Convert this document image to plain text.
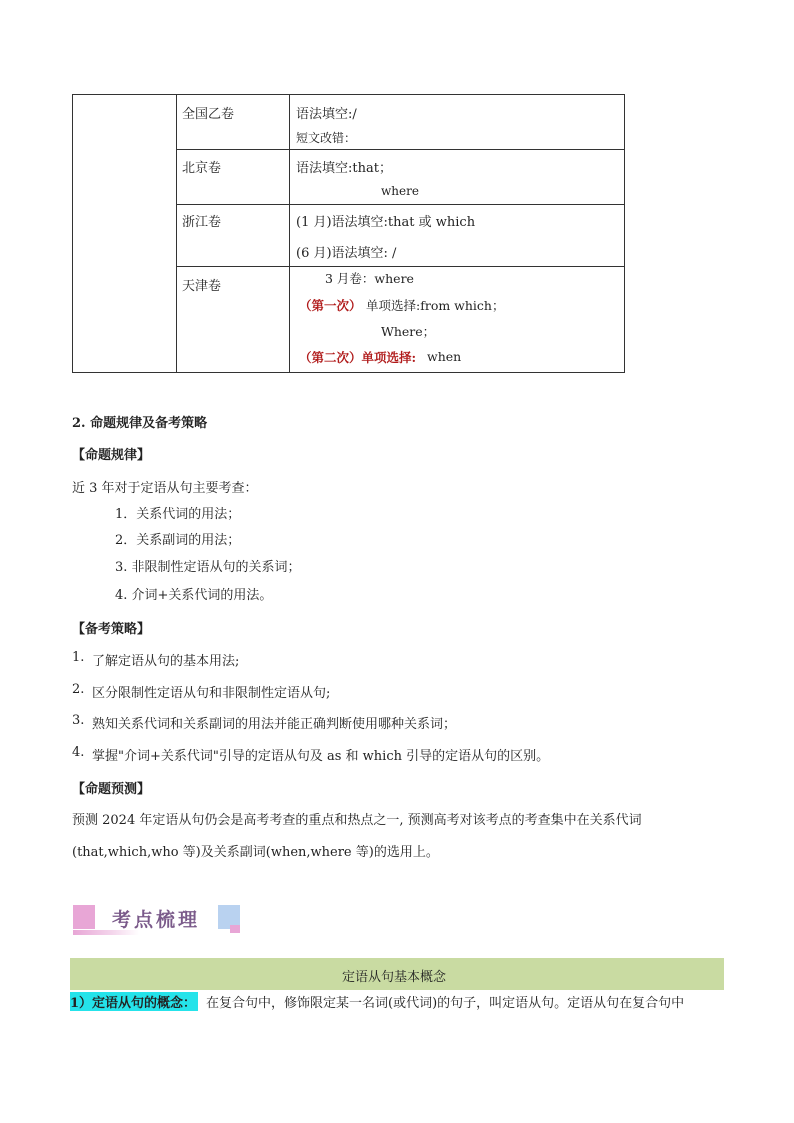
全国乙卷	语法填空:/
短文改错：
北京卷	语法填空:that；
where
浙江卷	(1 月)语法填空:that 或 which
(6 月)语法填空: /
天津卷
3 月卷：where
（第一次） 单项选择:from which；
Where；
（第二次）单项选择: when
2. 命题规律及备考策略
【命题规律】
近 3 年对于定语从句主要考查：
1．关系代词的用法；
2．关系副词的用法；
3. 非限制性定语从句的关系词；
4. 介词+关系代词的用法。
【备考策略】
1. 了解定语从句的基本用法;
2. 区分限制性定语从句和非限制性定语从句;
3. 熟知关系代词和关系副词的用法并能正确判断使用哪种关系词；
4. 掌握"介词+关系代词"引导的定语从句及 as 和 which 引导的定语从句的区别。
【命题预测】
预测 2024 年定语从句仍会是高考考查的重点和热点之一, 预测高考对该考点的考查集中在关系代词
(that,which,who 等)及关系副词(when,where 等)的选用上。
考点梳理
定语从句基本概念
1）定语从句的概念： 在复合句中，修饰限定某一名词(或代词)的句子，叫定语从句。定语从句在复合句中
